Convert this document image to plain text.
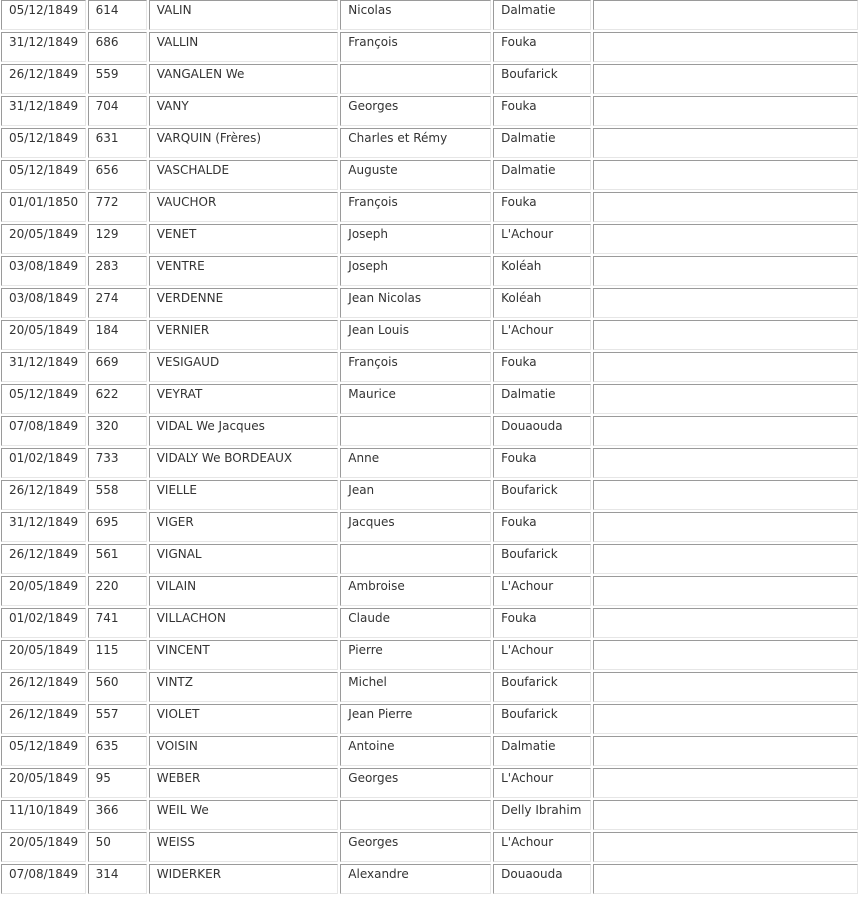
05/12/1849	614	VALIN	Nicolas	Dalmatie	
31/12/1849	686	VALLIN	François	Fouka	
26/12/1849	559	VANGALEN We		Boufarick	
31/12/1849	704	VANY	Georges	Fouka	
05/12/1849	631	VARQUIN (Frères)	Charles et Rémy	Dalmatie	
05/12/1849	656	VASCHALDE	Auguste	Dalmatie	
01/01/1850	772	VAUCHOR	François	Fouka	
20/05/1849	129	VENET	Joseph	L'Achour	
03/08/1849	283	VENTRE	Joseph	Koléah	
03/08/1849	274	VERDENNE	Jean Nicolas	Koléah	
20/05/1849	184	VERNIER	Jean Louis	L'Achour	
31/12/1849	669	VESIGAUD	François	Fouka	
05/12/1849	622	VEYRAT	Maurice	Dalmatie	
07/08/1849	320	VIDAL We Jacques		Douaouda	
01/02/1849	733	VIDALY We BORDEAUX	Anne	Fouka	
26/12/1849	558	VIELLE	Jean	Boufarick	
31/12/1849	695	VIGER	Jacques	Fouka	
26/12/1849	561	VIGNAL		Boufarick	
20/05/1849	220	VILAIN	Ambroise	L'Achour	
01/02/1849	741	VILLACHON	Claude	Fouka	
20/05/1849	115	VINCENT	Pierre	L'Achour	
26/12/1849	560	VINTZ	Michel	Boufarick	
26/12/1849	557	VIOLET	Jean Pierre	Boufarick	
05/12/1849	635	VOISIN	Antoine	Dalmatie	
20/05/1849	95	WEBER	Georges	L'Achour	
11/10/1849	366	WEIL We		Delly Ibrahim	
20/05/1849	50	WEISS	Georges	L'Achour	
07/08/1849	314	WIDERKER	Alexandre	Douaouda	
